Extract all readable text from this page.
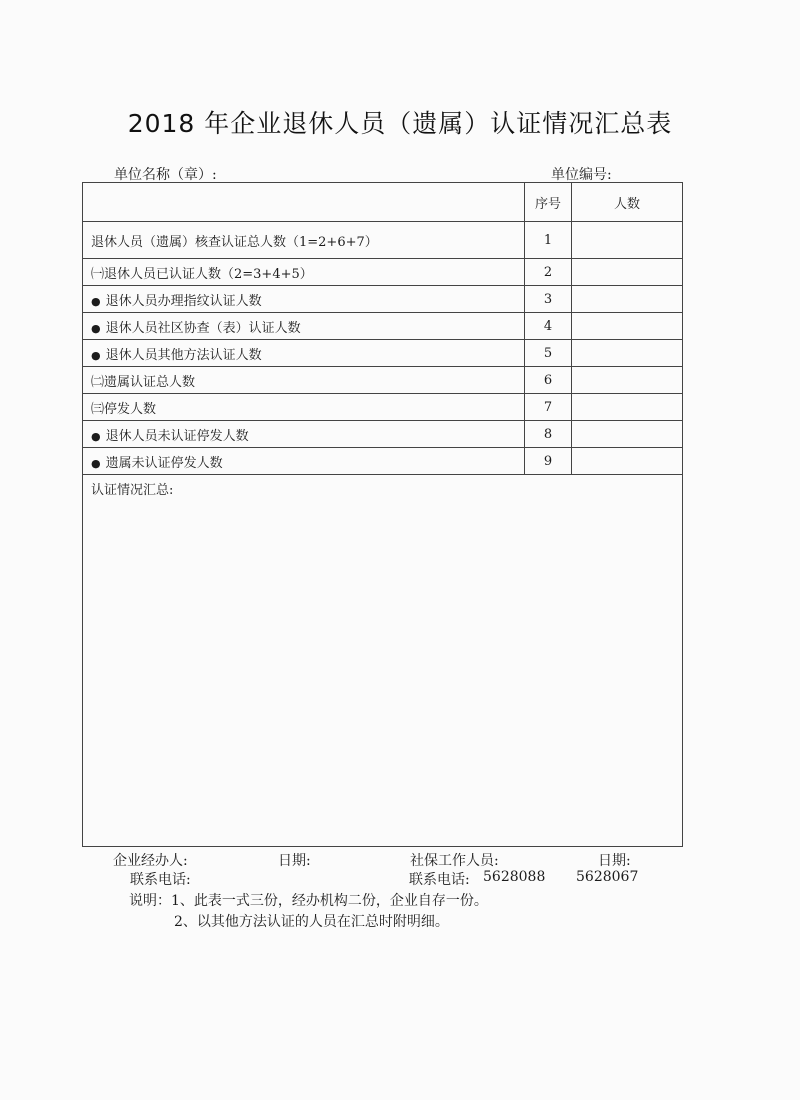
2018 年企业退休人员（遗属）认证情况汇总表
单位名称（章）:	单位编号:
	序号	人数
退休人员（遗属）核查认证总人数（1=2+6+7）	1	
㈠退休人员已认证人数（2=3+4+5）	2	
● 退休人员办理指纹认证人数	3	
● 退休人员社区协查（表）认证人数	4	
● 退休人员其他方法认证人数	5	
㈡遗属认证总人数	6	
㈢停发人数	7	
● 退休人员未认证停发人数	8	
● 遗属未认证停发人数	9	
认证情况汇总:		
企业经办人:	日期:	社保工作人员:	日期:
联系电话:	联系电话: 5628088 5628067
说明：1、此表一式三份，经办机构二份，企业自存一份。
2、以其他方法认证的人员在汇总时附明细。
